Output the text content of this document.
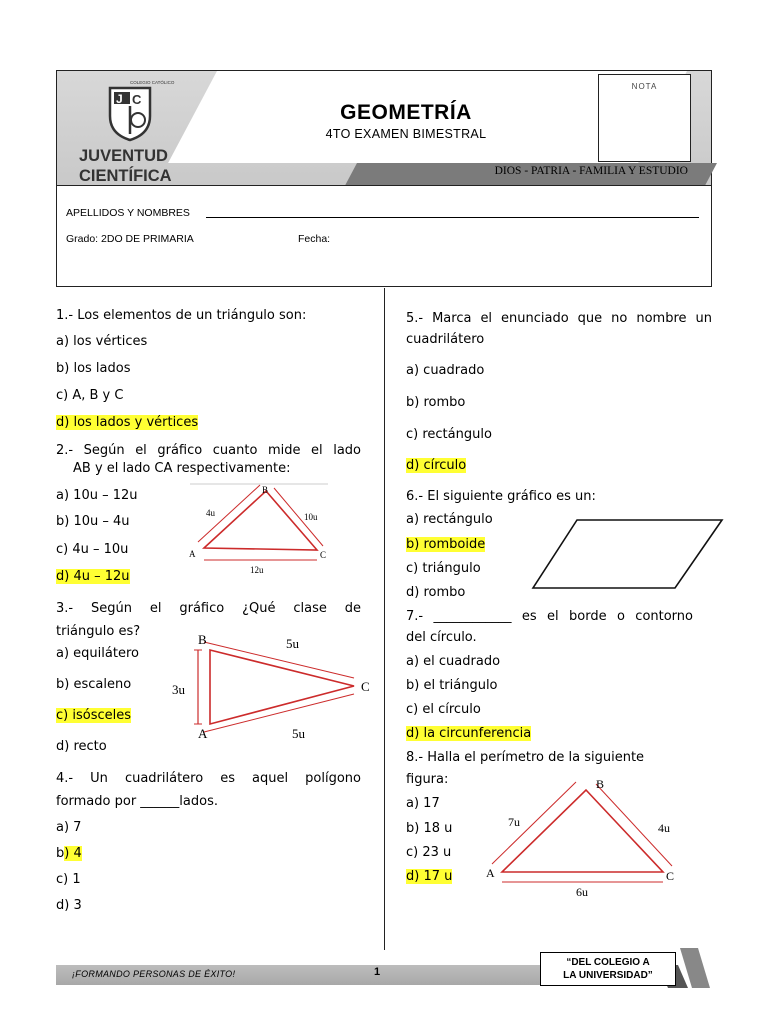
COLEGIO CATÓLICO
J C
JUVENTUD
CIENTÍFICA
GEOMETRÍA
4TO EXAMEN BIMESTRAL
NOTA
DIOS - PATRIA - FAMILIA Y ESTUDIO
APELLIDOS Y NOMBRES
Grado: 2DO DE PRIMARIA	Fecha:
1.- Los elementos de un triángulo son:
a) los vértices
b) los lados
c) A, B y C
d) los lados y vértices
2.- Según el gráfico cuanto mide el lado
AB y el lado CA respectivamente:
a) 10u – 12u
b) 10u – 4u
c) 4u – 10u
d) 4u – 12u
B
A	C
4u	10u
12u
3.- Según el gráfico ¿Qué clase de
triángulo es?
a) equilátero
b) escaleno
c) isósceles
d) recto
B
A
C
3u
5u
5u
4.- Un cuadrilátero es aquel polígono
formado por ______lados.
a) 7
b) 4
c) 1
d) 3
5.- Marca el enunciado que no nombre un
cuadrilátero
a) cuadrado
b) rombo
c) rectángulo
d) círculo
6.- El siguiente gráfico es un:
a) rectángulo
b) romboide
c) triángulo
d) rombo
7.- ____________ es el borde o contorno
del círculo.
a) el cuadrado
b) el triángulo
c) el círculo
d) la circunferencia
8.- Halla el perímetro de la siguiente
figura:
a) 17
b) 18 u
c) 23 u
d) 17 u
B
A	C
7u	4u
6u
¡FORMANDO PERSONAS DE ÉXITO!	1
“DEL COLEGIO A
LA UNIVERSIDAD”
